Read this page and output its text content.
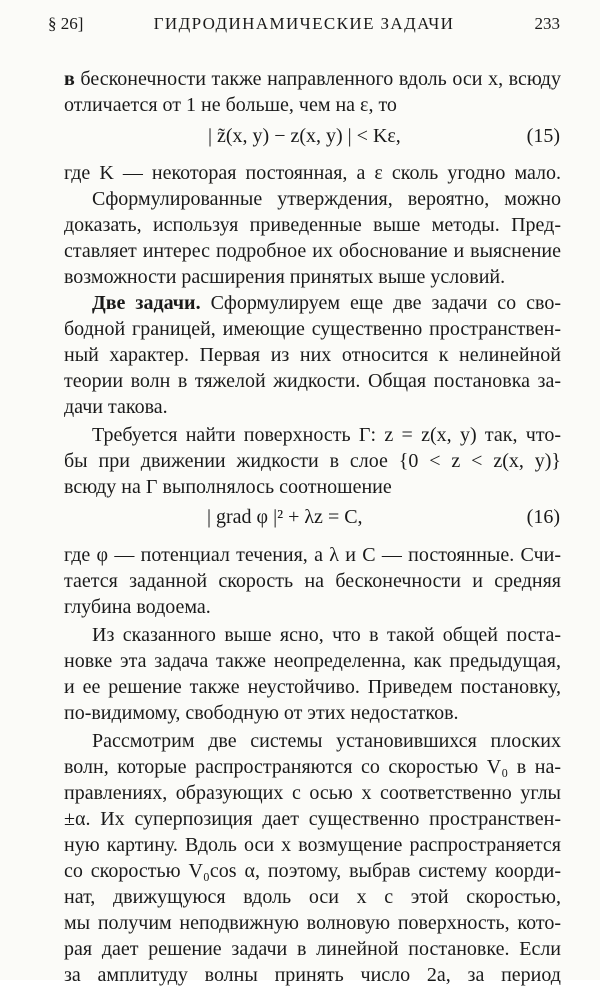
§ 26]	ГИДРОДИНАМИЧЕСКИЕ ЗАДАЧИ	233
в бесконечности также направленного вдоль оси x, всюду
отличается от 1 не больше, чем на ε, то
| z̃(x, y) − z(x, y) | < Kε,	(15)
где K — некоторая постоянная, а ε сколь угодно мало.
Сформулированные утверждения, вероятно, можно
доказать, используя приведенные выше методы. Пред-
ставляет интерес подробное их обоснование и выяснение
возможности расширения принятых выше условий.
Две задачи. Сформулируем еще две задачи со сво-
бодной границей, имеющие существенно пространствен-
ный характер. Первая из них относится к нелинейной
теории волн в тяжелой жидкости. Общая постановка за-
дачи такова.
Требуется найти поверхность Γ: z = z(x, y) так, что-
бы при движении жидкости в слое {0 < z < z(x, y)}
всюду на Γ выполнялось соотношение
| grad φ |² + λz = C,	(16)
где φ — потенциал течения, а λ и C — постоянные. Счи-
тается заданной скорость на бесконечности и средняя
глубина водоема.
Из сказанного выше ясно, что в такой общей поста-
новке эта задача также неопределенна, как предыдущая,
и ее решение также неустойчиво. Приведем постановку,
по-видимому, свободную от этих недостатков.
Рассмотрим две системы установившихся плоских
волн, которые распространяются со скоростью V₀ в на-
правлениях, образующих с осью x соответственно углы
±α. Их суперпозиция дает существенно пространствен-
ную картину. Вдоль оси x возмущение распространяется
со скоростью V₀cos α, поэтому, выбрав систему коорди-
нат, движущуюся вдоль оси x с этой скоростью,
мы получим неподвижную волновую поверхность, кото-
рая дает решение задачи в линейной постановке. Если
за амплитуду волны принять число 2a, за период
